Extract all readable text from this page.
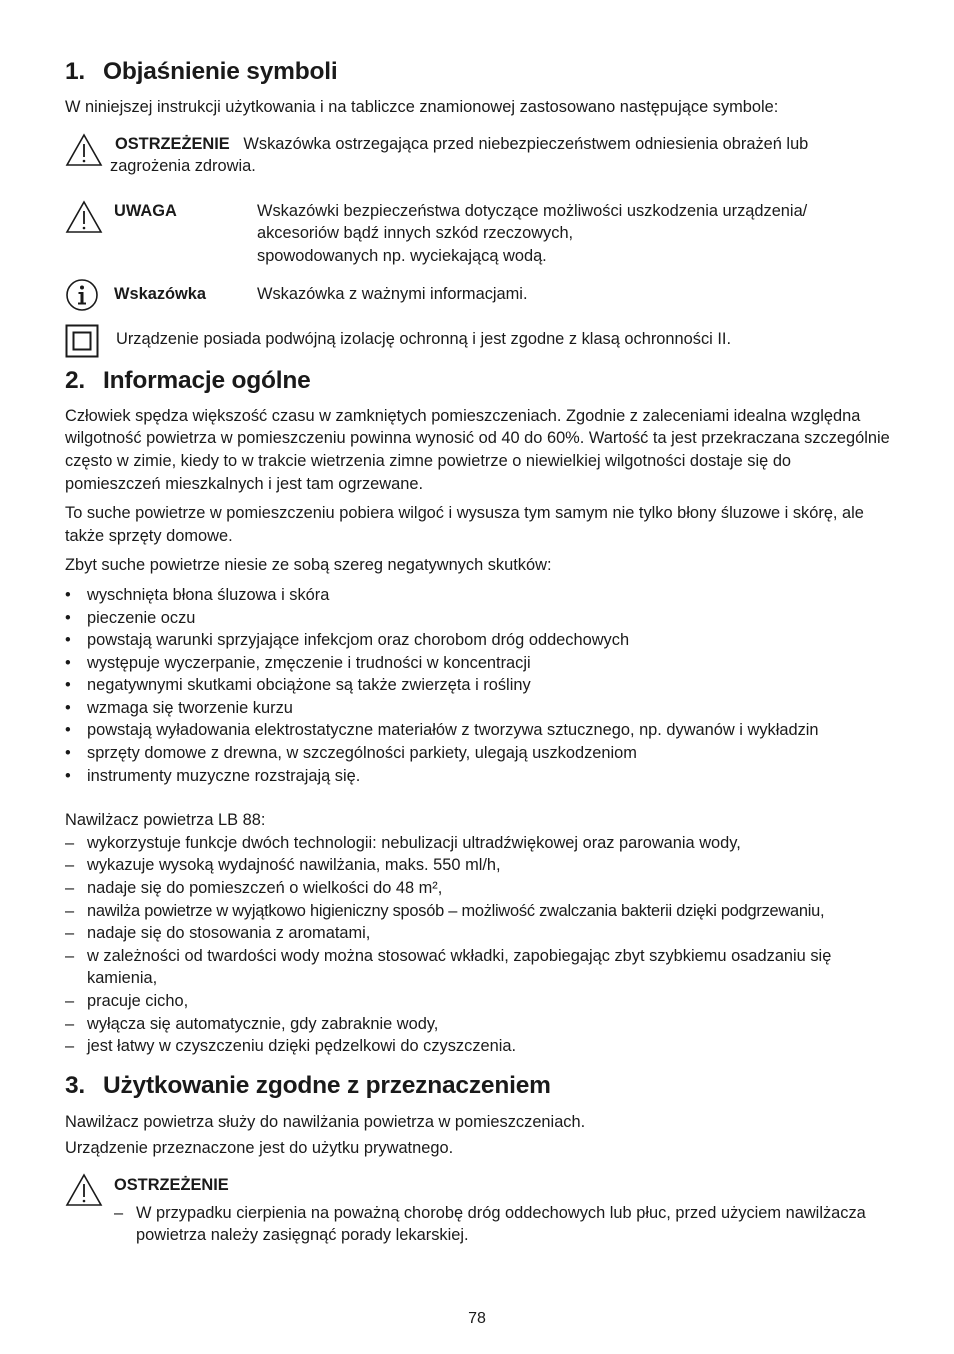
1. Objaśnienie symboli

W niniejszej instrukcji użytkowania i na tabliczce znamionowej zastosowano następujące symbole:

OSTRZEŻENIE Wskazówka ostrzegająca przed niebezpieczeństwem odniesienia obrażeń lub zagrożenia zdrowia.
UWAGA	Wskazówki bezpieczeństwa dotyczące możliwości uszkodzenia urządzenia/
akcesoriów bądź innych szkód rzeczowych,
spowodowanych np. wyciekającą wodą.
Wskazówka	Wskazówka z ważnymi informacjami.
Urządzenie posiada podwójną izolację ochronną i jest zgodne z klasą ochronności II.
2. Informacje ogólne

Człowiek spędza większość czasu w zamkniętych pomieszczeniach. Zgodnie z zaleceniami idealna względna wilgotność powietrza w pomieszczeniu powinna wynosić od 40 do 60%. Wartość ta jest przekraczana szczególnie często w zimie, kiedy to w trakcie wietrzenia zimne powietrze o niewielkiej wilgotności dostaje się do pomieszczeń mieszkalnych i jest tam ogrzewane.

To suche powietrze w pomieszczeniu pobiera wilgoć i wysusza tym samym nie tylko błony śluzowe i skórę, ale także sprzęty domowe.

Zbyt suche powietrze niesie ze sobą szereg negatywnych skutków:

• wyschnięta błona śluzowa i skóra
• pieczenie oczu
• powstają warunki sprzyjające infekcjom oraz chorobom dróg oddechowych
• występuje wyczerpanie, zmęczenie i trudności w koncentracji
• negatywnymi skutkami obciążone są także zwierzęta i rośliny
• wzmaga się tworzenie kurzu
• powstają wyładowania elektrostatyczne materiałów z tworzywa sztucznego, np. dywanów i wykładzin
• sprzęty domowe z drewna, w szczególności parkiety, ulegają uszkodzeniom
• instrumenty muzyczne rozstrajają się.

Nawilżacz powietrza LB 88:

– wykorzystuje funkcje dwóch technologii: nebulizacji ultradźwiękowej oraz parowania wody,
– wykazuje wysoką wydajność nawilżania, maks. 550 ml/h,
– nadaje się do pomieszczeń o wielkości do 48 m²,
– nawilża powietrze w wyjątkowo higieniczny sposób – możliwość zwalczania bakterii dzięki podgrzewaniu,
– nadaje się do stosowania z aromatami,
– w zależności od twardości wody można stosować wkładki, zapobiegając zbyt szybkiemu osadzaniu się kamienia,
– pracuje cicho,
– wyłącza się automatycznie, gdy zabraknie wody,
– jest łatwy w czyszczeniu dzięki pędzelkowi do czyszczenia.
3. Użytkowanie zgodne z przeznaczeniem

Nawilżacz powietrza służy do nawilżania powietrza w pomieszczeniach.

Urządzenie przeznaczone jest do użytku prywatnego.

OSTRZEŻENIE
– W przypadku cierpienia na poważną chorobę dróg oddechowych lub płuc, przed użyciem nawilżacza powietrza należy zasięgnąć porady lekarskiej.
78
